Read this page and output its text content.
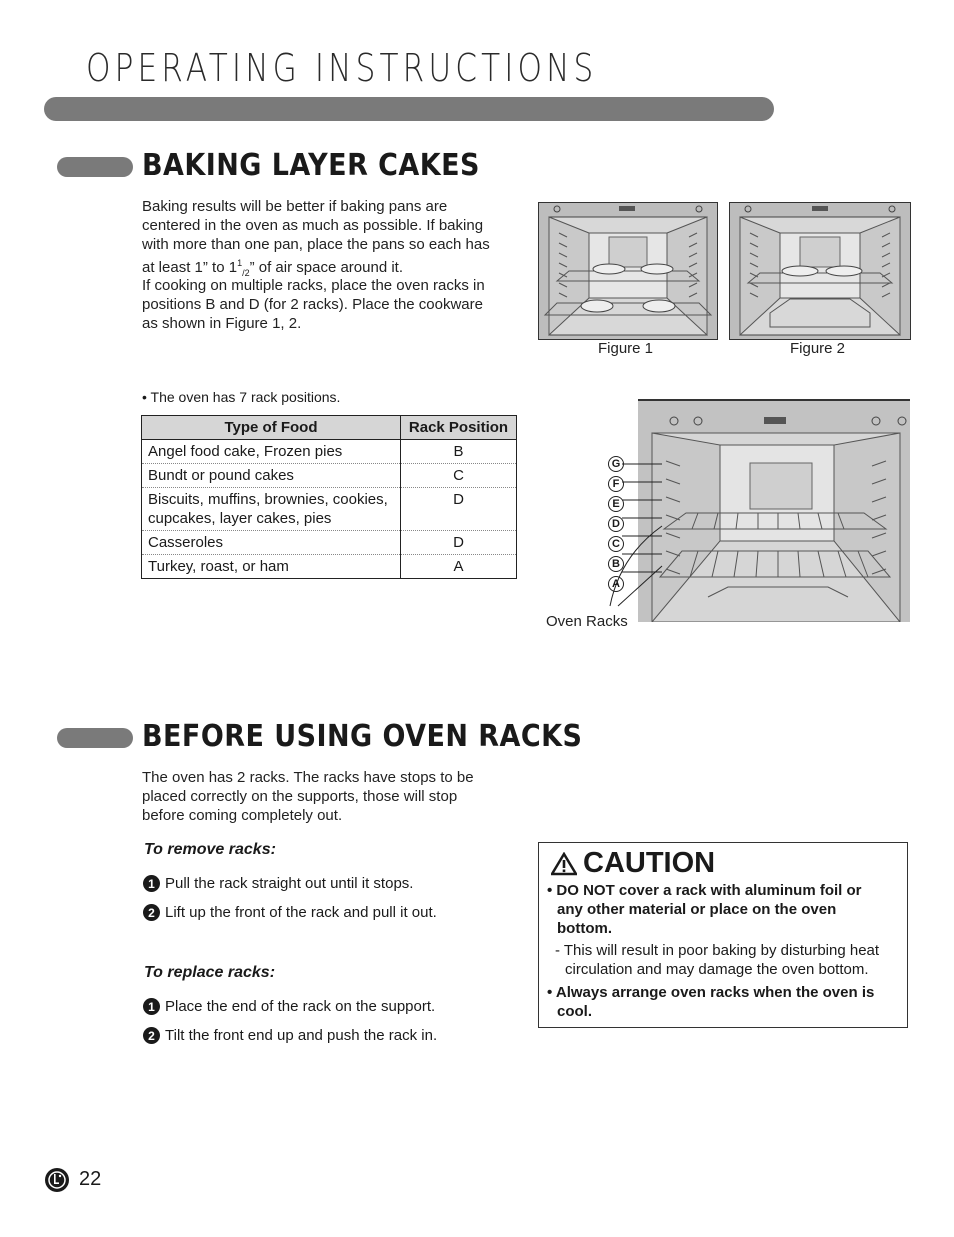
OPERATING INSTRUCTIONS
BAKING LAYER CAKES
Baking results will be better if baking pans are
centered in the oven as much as possible. If baking
with more than one pan, place the pans so each has
at least 1” to $1^1_{/2}$” of air space around it.
If cooking on multiple racks, place the oven racks in
positions B and D (for 2 racks). Place the cookware
as shown in Figure 1, 2.
Figure 1	Figure 2
• The oven has 7 rack positions.
Type of Food	Rack Position
Angel food cake, Frozen pies	B
Bundt or pound cakes	C

Biscuits, muffins, brownies, cookies,
cupcakes, layer cakes, pies	D
Casseroles	D
Turkey, roast, or ham	A
G
F
E
D
C
B
A
Oven Racks
BEFORE USING OVEN RACKS
The oven has 2 racks. The racks have stops to be
placed correctly on the supports, those will stop
before coming completely out.
To remove racks:
1 Pull the rack straight out until it stops.
2 Lift up the front of the rack and pull it out.
To replace racks:
1 Place the end of the rack on the support.
2 Tilt the front end up and push the rack in.
CAUTION
• DO NOT cover a rack with aluminum foil or
any other material or place on the oven
bottom.
- This will result in poor baking by disturbing heat
circulation and may damage the oven bottom.
• Always arrange oven racks when the oven is
cool.
22
